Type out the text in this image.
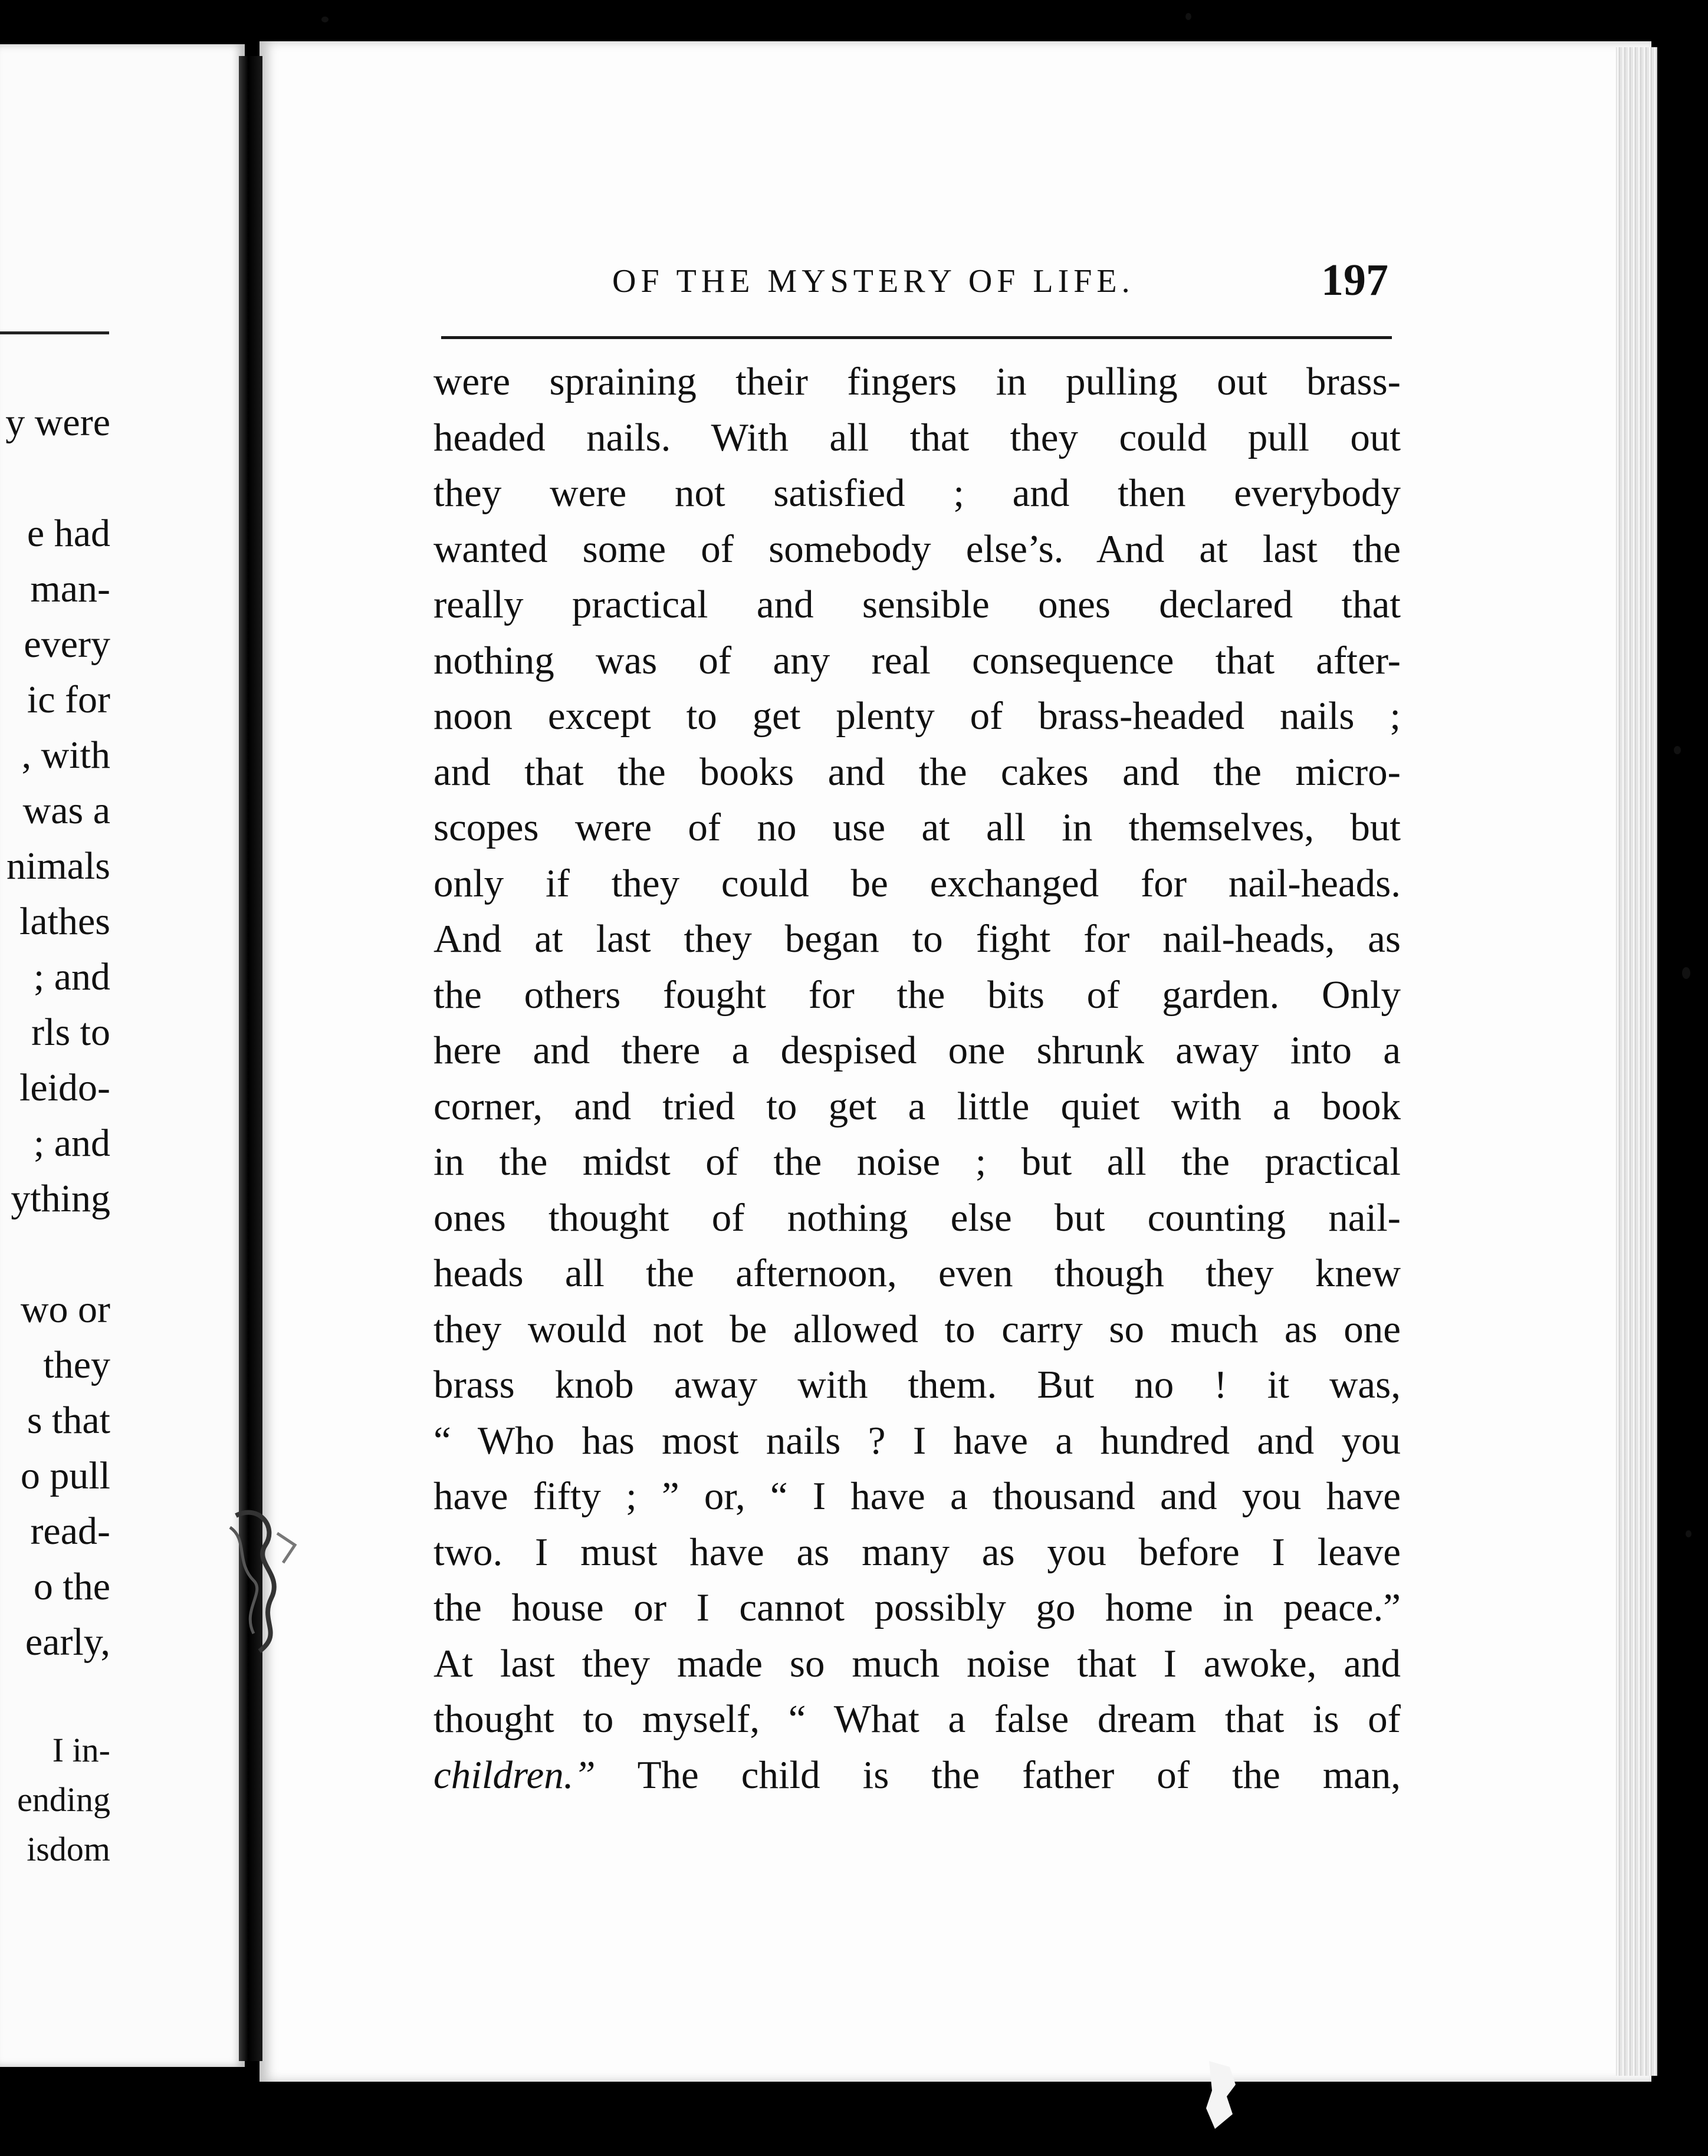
y were
e had
man-
every
ic for
, with
was a
nimals
lathes
; and
rls to
leido-
; and
ything
wo or
they
s that
o pull
read-
o the
early,
I in-
ending
isdom
OF THE MYSTERY OF LIFE.	197
were spraining their fingers in pulling out brass-
headed nails. With all that they could pull out
they were not satisfied ; and then everybody
wanted some of somebody else’s. And at last the
really practical and sensible ones declared that
nothing was of any real consequence that after-
noon except to get plenty of brass-headed nails ;
and that the books and the cakes and the micro-
scopes were of no use at all in themselves, but
only if they could be exchanged for nail-heads.
And at last they began to fight for nail-heads, as
the others fought for the bits of garden. Only
here and there a despised one shrunk away into a
corner, and tried to get a little quiet with a book
in the midst of the noise ; but all the practical
ones thought of nothing else but counting nail-
heads all the afternoon, even though they knew
they would not be allowed to carry so much as one
brass knob away with them. But no ! it was,
“ Who has most nails ? I have a hundred and you
have fifty ; ” or, “ I have a thousand and you have
two. I must have as many as you before I leave
the house or I cannot possibly go home in peace.”
At last they made so much noise that I awoke, and
thought to myself, “ What a false dream that is of
children.” The child is the father of the man,
